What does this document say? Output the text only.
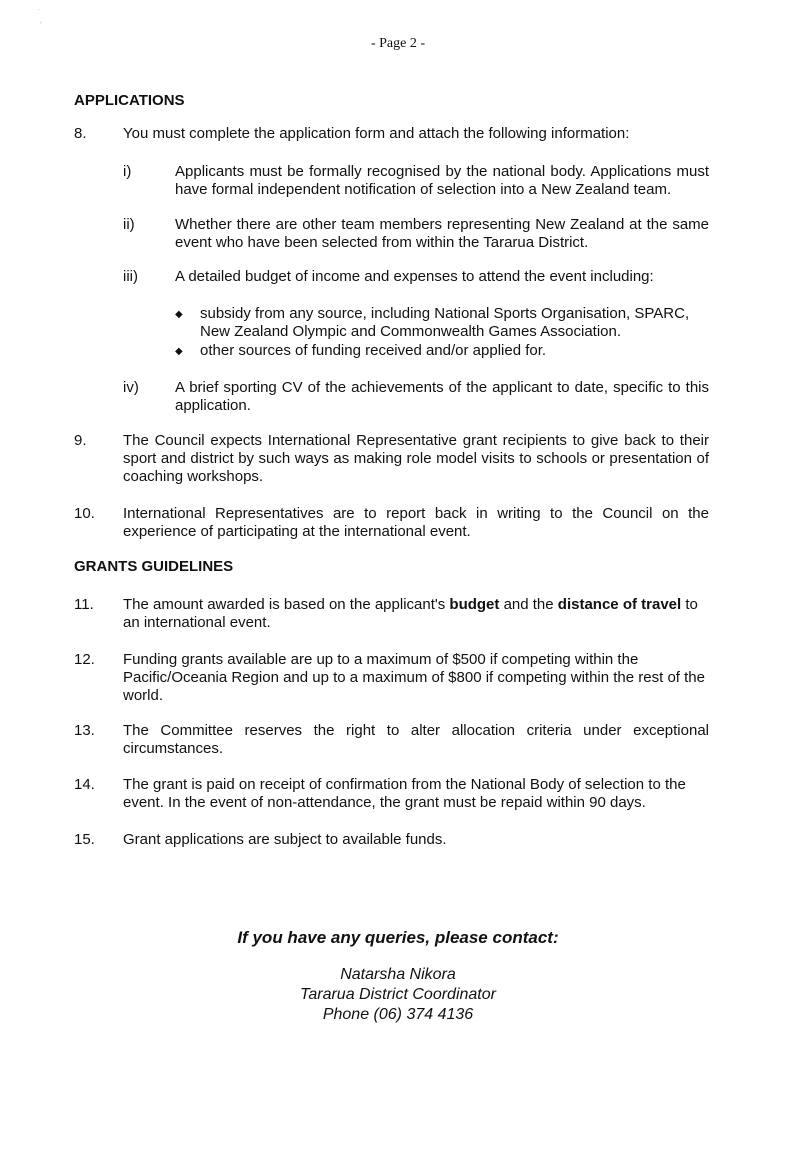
˙
'
- Page 2 -
APPLICATIONS
8. You must complete the application form and attach the following information:
i)	Applicants must be formally recognised by the national body. Applications must have formal independent notification of selection into a New Zealand team.
ii)	Whether there are other team members representing New Zealand at the same event who have been selected from within the Tararua District.
iii) A detailed budget of income and expenses to attend the event including:
◆ subsidy from any source, including National Sports Organisation, SPARC, New Zealand Olympic and Commonwealth Games Association.
◆ other sources of funding received and/or applied for.
iv) A brief sporting CV of the achievements of the applicant to date, specific to this application.
9. The Council expects International Representative grant recipients to give back to their sport and district by such ways as making role model visits to schools or presentation of coaching workshops.
10. International Representatives are to report back in writing to the Council on the experience of participating at the international event.
GRANTS GUIDELINES
11. The amount awarded is based on the applicant's budget and the distance of travel to an international event.
12. Funding grants available are up to a maximum of $500 if competing within the Pacific/Oceania Region and up to a maximum of $800 if competing within the rest of the world.
13. The Committee reserves the right to alter allocation criteria under exceptional circumstances.
14. The grant is paid on receipt of confirmation from the National Body of selection to the event. In the event of non-attendance, the grant must be repaid within 90 days.
15. Grant applications are subject to available funds.
If you have any queries, please contact:
Natarsha Nikora
Tararua District Coordinator
Phone (06) 374 4136
